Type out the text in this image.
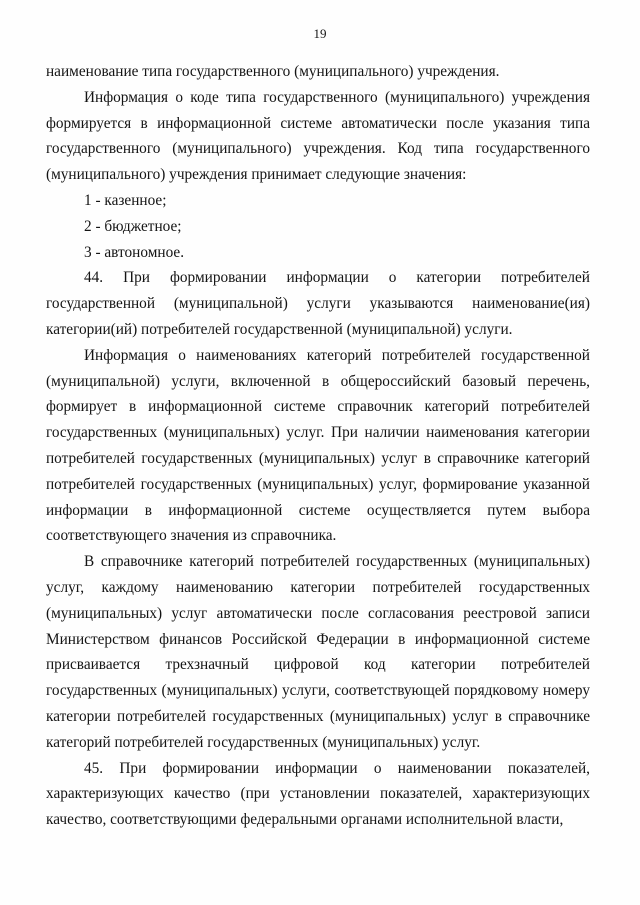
19

наименование типа государственного (муниципального) учреждения.

Информация о коде типа государственного (муниципального) учреждения формируется в информационной системе автоматически после указания типа государственного (муниципального) учреждения. Код типа государственного (муниципального) учреждения принимает следующие значения:

1 - казенное;

2 - бюджетное;

3 - автономное.

44. При формировании информации о категории потребителей государственной (муниципальной) услуги указываются наименование(ия) категории(ий) потребителей государственной (муниципальной) услуги.

Информация о наименованиях категорий потребителей государственной (муниципальной) услуги, включенной в общероссийский базовый перечень, формирует в информационной системе справочник категорий потребителей государственных (муниципальных) услуг. При наличии наименования категории потребителей государственных (муниципальных) услуг в справочнике категорий потребителей государственных (муниципальных) услуг, формирование указанной информации в информационной системе осуществляется путем выбора соответствующего значения из справочника.

В справочнике категорий потребителей государственных (муниципальных) услуг, каждому наименованию категории потребителей государственных (муниципальных) услуг автоматически после согласования реестровой записи Министерством финансов Российской Федерации в информационной системе присваивается трехзначный цифровой код категории потребителей государственных (муниципальных) услуги, соответствующей порядковому номеру категории потребителей государственных (муниципальных) услуг в справочнике категорий потребителей государственных (муниципальных) услуг.

45. При формировании информации о наименовании показателей, характеризующих качество (при установлении показателей, характеризующих качество, соответствующими федеральными органами исполнительной власти,
